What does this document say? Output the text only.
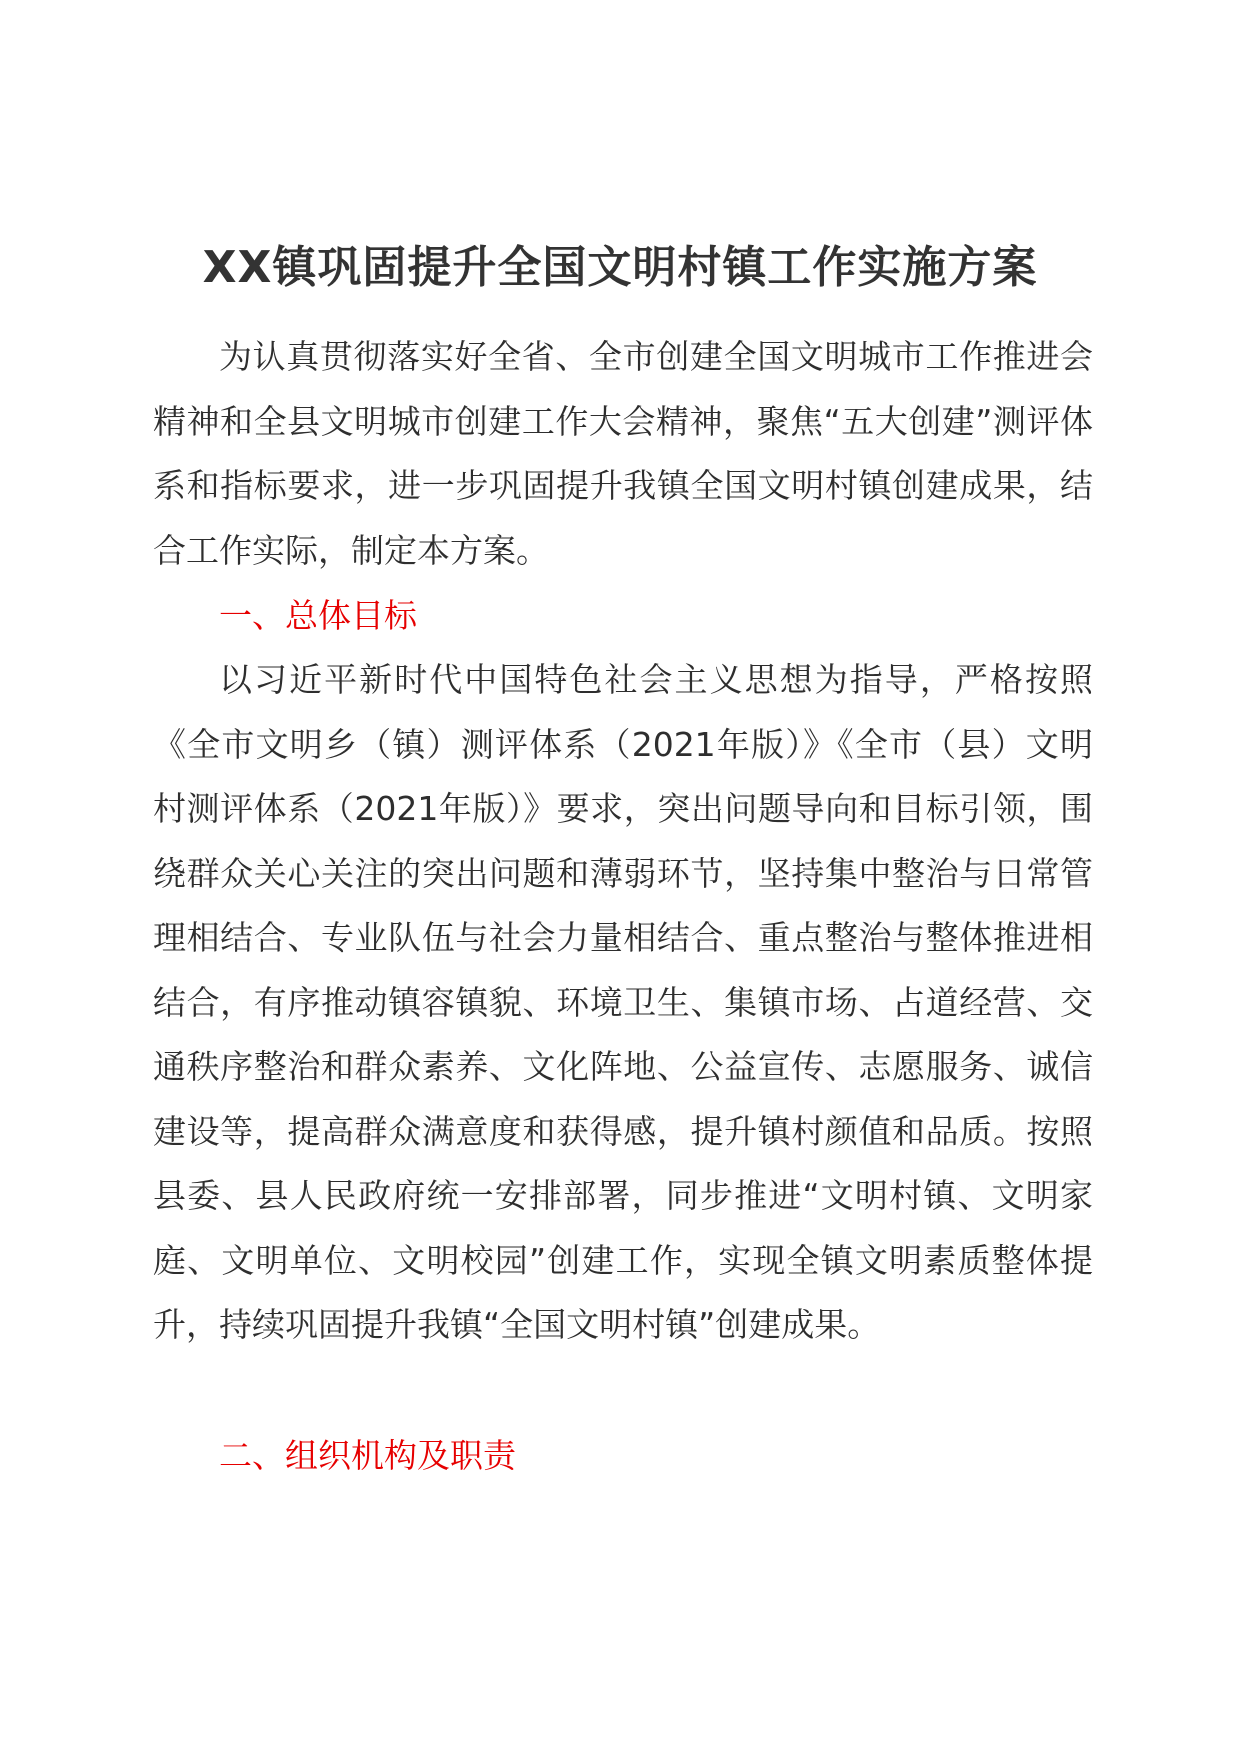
XX镇巩固提升全国文明村镇工作实施方案

为认真贯彻落实好全省、全市创建全国文明城市工作推进会精神和全县文明城市创建工作大会精神，聚焦“五大创建”测评体系和指标要求，进一步巩固提升我镇全国文明村镇创建成果，结合工作实际，制定本方案。

一、总体目标

以习近平新时代中国特色社会主义思想为指导，严格按照《全市文明乡（镇）测评体系（2021年版）》《全市（县）文明村测评体系（2021年版）》要求，突出问题导向和目标引领，围绕群众关心关注的突出问题和薄弱环节，坚持集中整治与日常管理相结合、专业队伍与社会力量相结合、重点整治与整体推进相结合，有序推动镇容镇貌、环境卫生、集镇市场、占道经营、交通秩序整治和群众素养、文化阵地、公益宣传、志愿服务、诚信建设等，提高群众满意度和获得感，提升镇村颜值和品质。按照县委、县人民政府统一安排部署，同步推进“文明村镇、文明家庭、文明单位、文明校园”创建工作，实现全镇文明素质整体提升，持续巩固提升我镇“全国文明村镇”创建成果。

二、组织机构及职责
